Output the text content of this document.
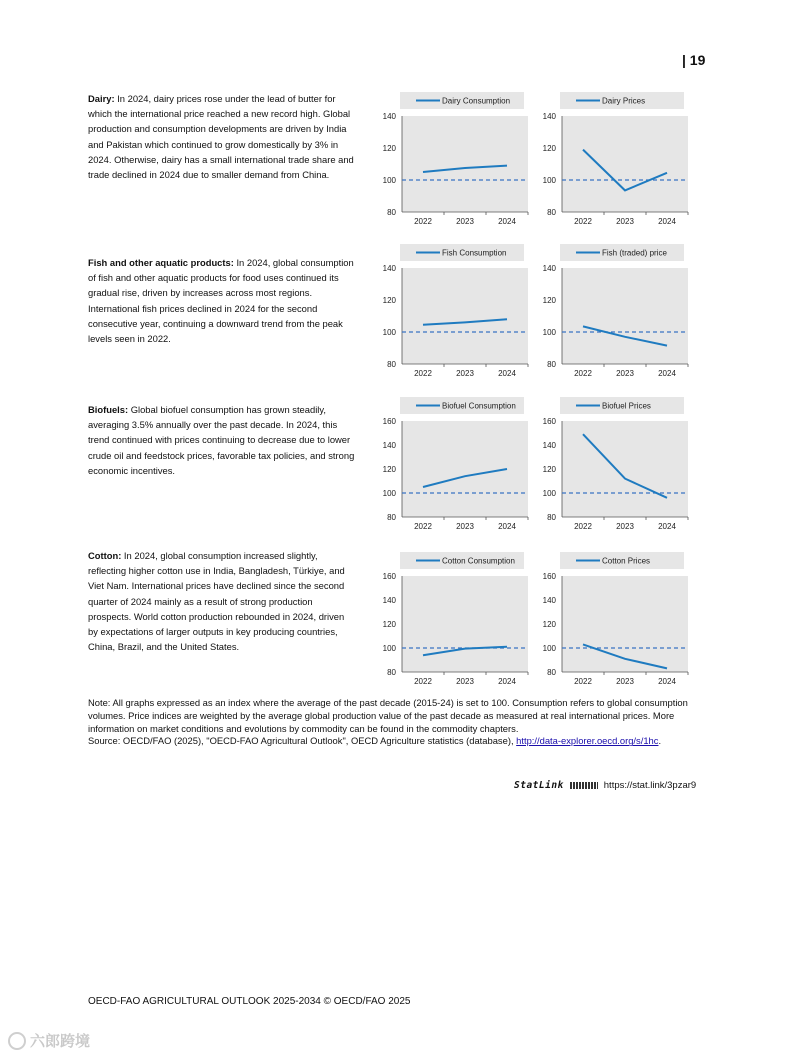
| 19
Dairy: In 2024, dairy prices rose under the lead of butter for which the international price reached a new record high. Global production and consumption developments are driven by India and Pakistan which continued to grow domestically by 3% in 2024. Otherwise, dairy has a small international trade share and trade declined in 2024 due to smaller demand from China.
Fish and other aquatic products: In 2024, global consumption of fish and other aquatic products for food uses continued its gradual rise, driven by increases across most regions. International fish prices declined in 2024 for the second consecutive year, continuing a downward trend from the peak levels seen in 2022.
Biofuels: Global biofuel consumption has grown steadily, averaging 3.5% annually over the past decade. In 2024, this trend continued with prices continuing to decrease due to lower crude oil and feedstock prices, favorable tax policies, and strong economic incentives.
Cotton: In 2024, global consumption increased slightly, reflecting higher cotton use in India, Bangladesh, Türkiye, and Viet Nam. International prices have declined since the second quarter of 2024 mainly as a result of strong production prospects. World cotton production rebounded in 2024, driven by expectations of larger outputs in key producing countries, China, Brazil, and the United States.
Dairy Consumption
80
100
120
140
2022	2023	2024
Dairy Prices
80
100
120
140
2022	2023	2024
Fish Consumption
80
100
120
140
2022	2023	2024
Fish (traded) price
80
100
120
140
2022	2023	2024
Biofuel Consumption
80
100
120
140
160
2022	2023	2024
Biofuel Prices
80
100
120
140
160
2022	2023	2024
Cotton Consumption
80
100
120
140
160
2022	2023	2024
Cotton Prices
80
100
120
140
160
2022	2023	2024
Note: All graphs expressed as an index where the average of the past decade (2015-24) is set to 100. Consumption refers to global consumption volumes. Price indices are weighted by the average global production value of the past decade as measured at real international prices. More information on market conditions and evolutions by commodity can be found in the commodity chapters.
Source: OECD/FAO (2025), "OECD-FAO Agricultural Outlook", OECD Agriculture statistics (database), http://data-explorer.oecd.org/s/1hc.
StatLink	https://stat.link/3pzar9
OECD-FAO AGRICULTURAL OUTLOOK 2025-2034 © OECD/FAO 2025
六郎跨境
